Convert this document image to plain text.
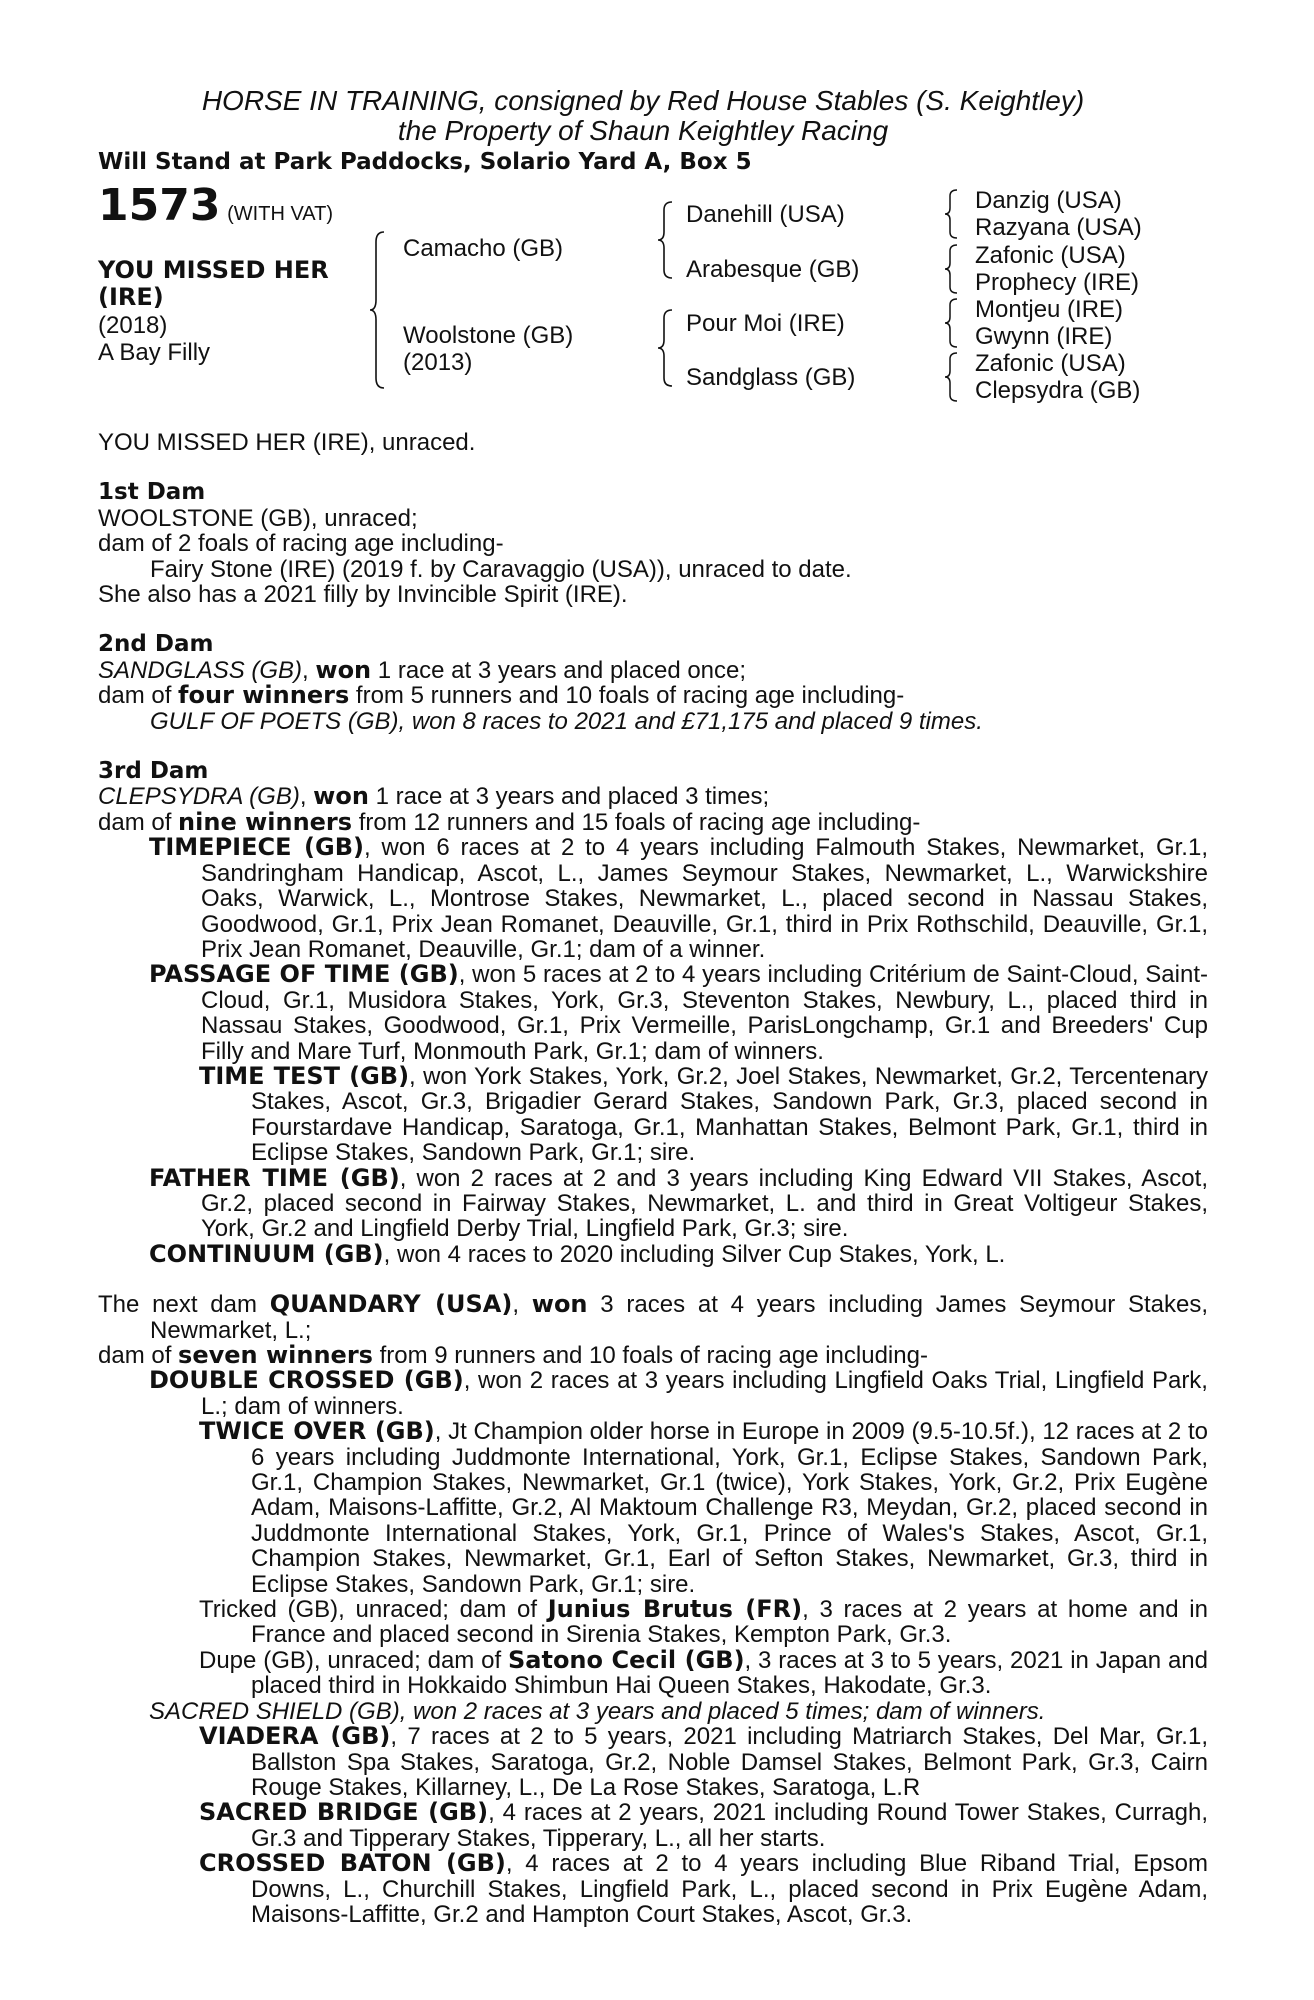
HORSE IN TRAINING, consigned by Red House Stables (S. Keightley)
the Property of Shaun Keightley Racing
Will Stand at Park Paddocks, Solario Yard A, Box 5
1573 (WITH VAT)
YOU MISSED HER
(IRE)
(2018)
A Bay Filly
Camacho (GB)
Woolstone (GB)
(2013)
Danehill (USA)
Arabesque (GB)
Pour Moi (IRE)
Sandglass (GB)
Danzig (USA)
Razyana (USA)
Zafonic (USA)
Prophecy (IRE)
Montjeu (IRE)
Gwynn (IRE)
Zafonic (USA)
Clepsydra (GB)

YOU MISSED HER (IRE), unraced.

1st Dam

WOOLSTONE (GB), unraced;

dam of 2 foals of racing age including-

Fairy Stone (IRE) (2019 f. by Caravaggio (USA)), unraced to date.

She also has a 2021 filly by Invincible Spirit (IRE).

2nd Dam

SANDGLASS (GB), won 1 race at 3 years and placed once;

dam of four winners from 5 runners and 10 foals of racing age including-

GULF OF POETS (GB), won 8 races to 2021 and £71,175 and placed 9 times.

3rd Dam

CLEPSYDRA (GB), won 1 race at 3 years and placed 3 times;

dam of nine winners from 12 runners and 15 foals of racing age including-

TIMEPIECE (GB), won 6 races at 2 to 4 years including Falmouth Stakes, Newmarket, Gr.1, Sandringham Handicap, Ascot, L., James Seymour Stakes, Newmarket, L., Warwickshire Oaks, Warwick, L., Montrose Stakes, Newmarket, L., placed second in Nassau Stakes, Goodwood, Gr.1, Prix Jean Romanet, Deauville, Gr.1, third in Prix Rothschild, Deauville, Gr.1, Prix Jean Romanet, Deauville, Gr.1; dam of a winner.

PASSAGE OF TIME (GB), won 5 races at 2 to 4 years including Critérium de Saint-Cloud, Saint-Cloud, Gr.1, Musidora Stakes, York, Gr.3, Steventon Stakes, Newbury, L., placed third in Nassau Stakes, Goodwood, Gr.1, Prix Vermeille, ParisLongchamp, Gr.1 and Breeders' Cup Filly and Mare Turf, Monmouth Park, Gr.1; dam of winners.

TIME TEST (GB), won York Stakes, York, Gr.2, Joel Stakes, Newmarket, Gr.2, Tercentenary Stakes, Ascot, Gr.3, Brigadier Gerard Stakes, Sandown Park, Gr.3, placed second in Fourstardave Handicap, Saratoga, Gr.1, Manhattan Stakes, Belmont Park, Gr.1, third in Eclipse Stakes, Sandown Park, Gr.1; sire.

FATHER TIME (GB), won 2 races at 2 and 3 years including King Edward VII Stakes, Ascot, Gr.2, placed second in Fairway Stakes, Newmarket, L. and third in Great Voltigeur Stakes, York, Gr.2 and Lingfield Derby Trial, Lingfield Park, Gr.3; sire.

CONTINUUM (GB), won 4 races to 2020 including Silver Cup Stakes, York, L.

The next dam QUANDARY (USA), won 3 races at 4 years including James Seymour Stakes, Newmarket, L.;

dam of seven winners from 9 runners and 10 foals of racing age including-

DOUBLE CROSSED (GB), won 2 races at 3 years including Lingfield Oaks Trial, Lingfield Park, L.; dam of winners.

TWICE OVER (GB), Jt Champion older horse in Europe in 2009 (9.5-10.5f.), 12 races at 2 to 6 years including Juddmonte International, York, Gr.1, Eclipse Stakes, Sandown Park, Gr.1, Champion Stakes, Newmarket, Gr.1 (twice), York Stakes, York, Gr.2, Prix Eugène Adam, Maisons-Laffitte, Gr.2, Al Maktoum Challenge R3, Meydan, Gr.2, placed second in Juddmonte International Stakes, York, Gr.1, Prince of Wales's Stakes, Ascot, Gr.1, Champion Stakes, Newmarket, Gr.1, Earl of Sefton Stakes, Newmarket, Gr.3, third in Eclipse Stakes, Sandown Park, Gr.1; sire.

Tricked (GB), unraced; dam of Junius Brutus (FR), 3 races at 2 years at home and in France and placed second in Sirenia Stakes, Kempton Park, Gr.3.

Dupe (GB), unraced; dam of Satono Cecil (GB), 3 races at 3 to 5 years, 2021 in Japan and placed third in Hokkaido Shimbun Hai Queen Stakes, Hakodate, Gr.3.

SACRED SHIELD (GB), won 2 races at 3 years and placed 5 times; dam of winners.

VIADERA (GB), 7 races at 2 to 5 years, 2021 including Matriarch Stakes, Del Mar, Gr.1, Ballston Spa Stakes, Saratoga, Gr.2, Noble Damsel Stakes, Belmont Park, Gr.3, Cairn Rouge Stakes, Killarney, L., De La Rose Stakes, Saratoga, L.R

SACRED BRIDGE (GB), 4 races at 2 years, 2021 including Round Tower Stakes, Curragh, Gr.3 and Tipperary Stakes, Tipperary, L., all her starts.

CROSSED BATON (GB), 4 races at 2 to 4 years including Blue Riband Trial, Epsom Downs, L., Churchill Stakes, Lingfield Park, L., placed second in Prix Eugène Adam, Maisons-Laffitte, Gr.2 and Hampton Court Stakes, Ascot, Gr.3.
